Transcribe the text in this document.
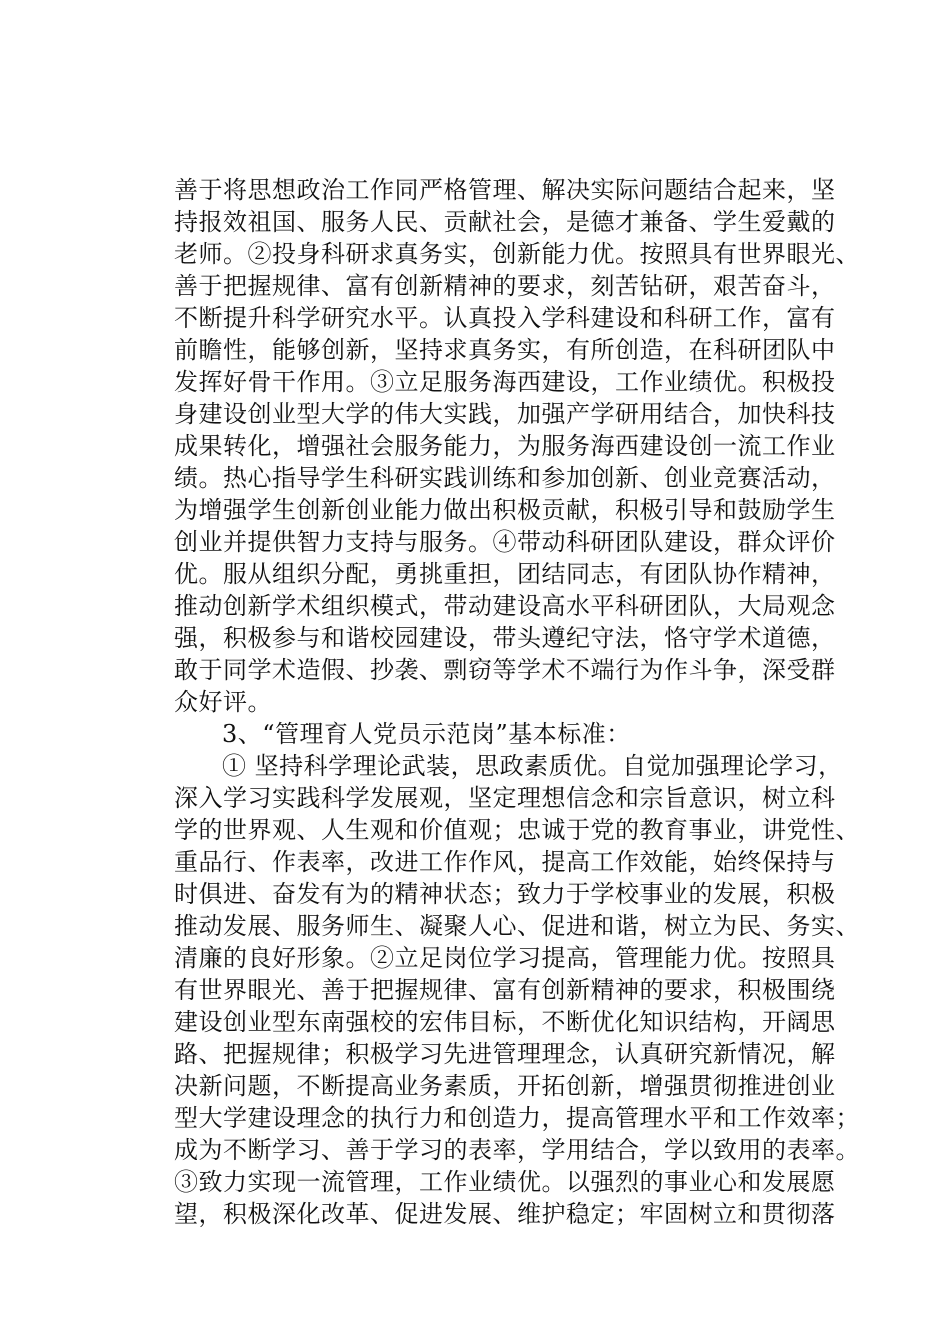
善于将思想政治工作同严格管理、解决实际问题结合起来，坚
持报效祖国、服务人民、贡献社会，是德才兼备、学生爱戴的
老师。②投身科研求真务实，创新能力优。按照具有世界眼光、
善于把握规律、富有创新精神的要求，刻苦钻研，艰苦奋斗，
不断提升科学研究水平。认真投入学科建设和科研工作，富有
前瞻性，能够创新，坚持求真务实，有所创造，在科研团队中
发挥好骨干作用。③立足服务海西建设，工作业绩优。积极投
身建设创业型大学的伟大实践，加强产学研用结合，加快科技
成果转化，增强社会服务能力，为服务海西建设创一流工作业
绩。热心指导学生科研实践训练和参加创新、创业竞赛活动，
为增强学生创新创业能力做出积极贡献，积极引导和鼓励学生
创业并提供智力支持与服务。④带动科研团队建设，群众评价
优。服从组织分配，勇挑重担，团结同志，有团队协作精神，
推动创新学术组织模式，带动建设高水平科研团队，大局观念
强，积极参与和谐校园建设，带头遵纪守法，恪守学术道德，
敢于同学术造假、抄袭、剽窃等学术不端行为作斗争，深受群
众好评。
3、“管理育人党员示范岗”基本标准：
① 坚持科学理论武装，思政素质优。自觉加强理论学习，
深入学习实践科学发展观，坚定理想信念和宗旨意识，树立科
学的世界观、人生观和价值观；忠诚于党的教育事业，讲党性、
重品行、作表率，改进工作作风，提高工作效能，始终保持与
时俱进、奋发有为的精神状态；致力于学校事业的发展，积极
推动发展、服务师生、凝聚人心、促进和谐，树立为民、务实、
清廉的良好形象。②立足岗位学习提高，管理能力优。按照具
有世界眼光、善于把握规律、富有创新精神的要求，积极围绕
建设创业型东南强校的宏伟目标，不断优化知识结构，开阔思
路、把握规律；积极学习先进管理理念，认真研究新情况，解
决新问题，不断提高业务素质，开拓创新，增强贯彻推进创业
型大学建设理念的执行力和创造力，提高管理水平和工作效率；
成为不断学习、善于学习的表率，学用结合，学以致用的表率。
③致力实现一流管理，工作业绩优。以强烈的事业心和发展愿
望，积极深化改革、促进发展、维护稳定；牢固树立和贯彻落
